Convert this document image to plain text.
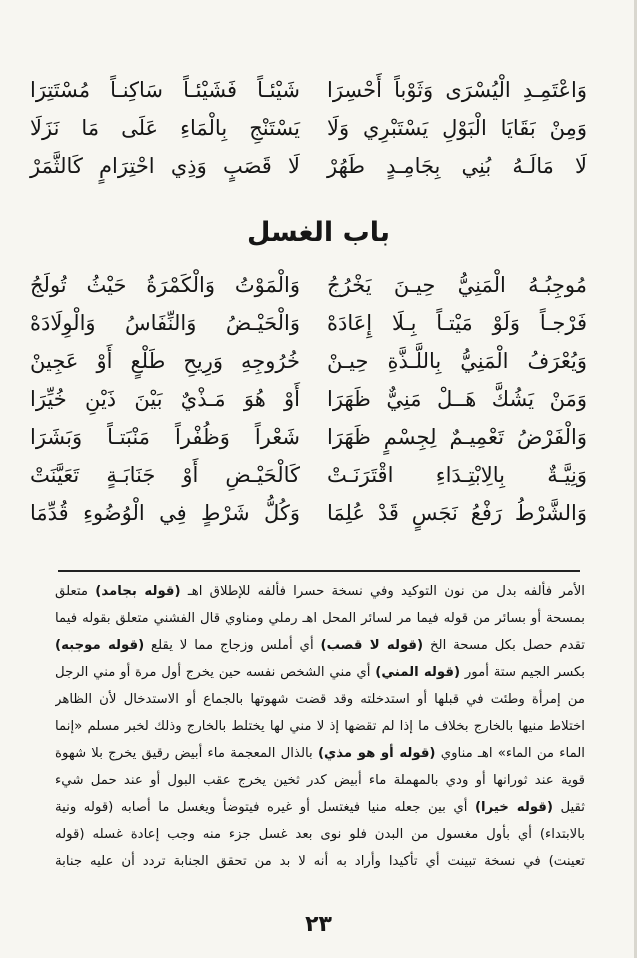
وَاعْتَمِـدِ الْيُسْرَى وَثَوْباً أَحْسِرَا
شَيْئـاً فَشَيْئـاً سَاكِنـاً مُسْتَتِرَا
وَمِنْ بَقَايَا الْبَوْلِ يَسْتَبْرِي وَلَا
يَسْتَنْجِ بِالْمَاءِ عَلَى مَا نَزَلَا
لَا مَالَـهُ بُنِي بِجَامِـدٍ طَهُرْ
لَا قَصَبٍ وَذِي احْتِرَامٍ كَالثَّمَرْ
باب الغسل
مُوجِبُـهُ الْمَنِيُّ حِيـنَ يَخْرُجُ
وَالْمَوْتُ وَالْكَمْرَةُ حَيْثُ تُولَجُ
فَرْجـاً وَلَوْ مَيْتـاً بِـلَا إِعَادَهْ
وَالْحَيْـضُ وَالنِّفَاسُ وَالْوِلَادَهْ
وَيُعْرَفُ الْمَنِيُّ بِاللَّـذَّةِ حِيـنْ
خُرُوجِهِ وَرِيحِ طَلْعٍ أَوْ عَجِينْ
وَمَنْ يَشُكَّ هَــلْ مَنِيٌّ ظَهَرَا
أَوْ هُوَ مَـذْيٌ بَيْنَ ذَيْنِ خُيِّرَا
وَالْفَرْضُ تَعْمِيـمٌ لِجِسْمٍ ظَهَرَا
شَعْراً وَظُفْراً مَنْبَتـاً وَبَشَرَا
وَنِيَّـةٌ بِالِابْتِـدَاءِ اقْتَرَنَـتْ
كَالْحَيْـضِ أَوْ جَنَابَـةٍ تَعَيَّنَتْ
وَالشَّرْطُ رَفْعُ نَجَسٍ قَدْ عُلِمَا
وَكُلُّ شَرْطٍ فِي الْوُضُوءِ قُدِّمَا
الأمر فألفه بدل من نون التوكيد وفي نسخة حسرا فألفه للإطلاق اهـ (قوله بجامد) متعلق
بمسحة أو بسائر من قوله فيما مر لسائر المحل اهـ رملي ومناوي قال الفشني متعلق بقوله فيما
تقدم حصل بكل مسحة الخ (قوله لا قصب) أي أملس وزجاج مما لا يقلع (قوله موجبه)
بكسر الجيم ستة أمور (قوله المني) أي مني الشخص نفسه حين يخرج أول مرة أو مني الرجل
من إمرأة وطئت في قبلها أو استدخلته وقد قضت شهوتها بالجماع أو الاستدخال لأن الظاهر
اختلاط منيها بالخارج بخلاف ما إذا لم تقضها إذ لا مني لها يختلط بالخارج وذلك لخبر مسلم «إنما
الماء من الماء» اهـ مناوي (قوله أو هو مذي) بالذال المعجمة ماء أبيض رقيق يخرج بلا شهوة
قوية عند ثورانها أو ودي بالمهملة ماء أبيض كدر ثخين يخرج عقب البول أو عند حمل شيء
ثقيل (قوله خيرا) أي بين جعله منيا فيغتسل أو غيره فيتوضأ ويغسل ما أصابه (قوله ونية
بالابتداء) أي بأول مغسول من البدن فلو نوى بعد غسل جزء منه وجب إعادة غسله (قوله
تعينت) في نسخة تبينت أي تأكيدا وأراد به أنه لا بد من تحقق الجنابة تردد أن عليه جنابة
٢٣
